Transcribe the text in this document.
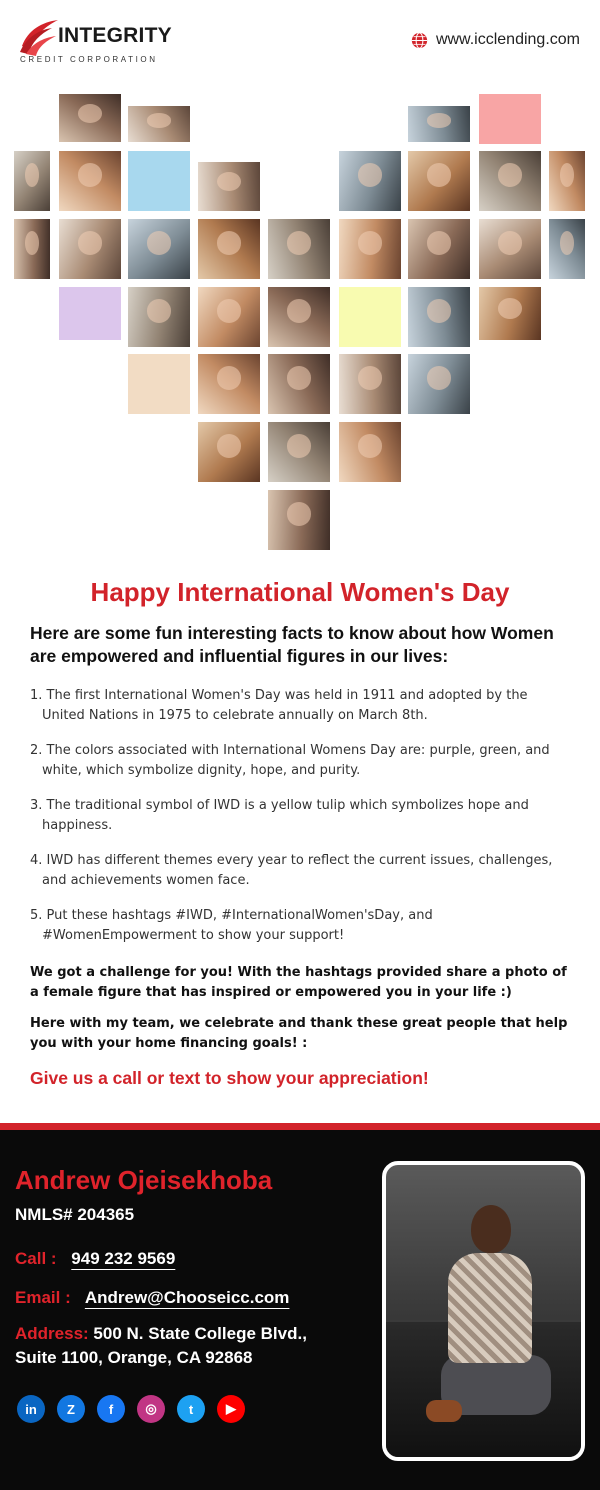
INTEGRITY
CREDIT CORPORATION
www.icclending.com
Happy International Women's Day
Here are some fun interesting facts to know about how Women are empowered and influential figures in our lives:
1. The first International Women's Day was held in 1911 and adopted by the United Nations in 1975 to celebrate annually on March 8th.
2. The colors associated with International Womens Day are: purple, green, and white, which symbolize dignity, hope, and purity.
3. The traditional symbol of IWD is a yellow tulip which symbolizes hope and happiness.
4. IWD has different themes every year to reflect the current issues, challenges, and achievements women face.
5. Put these hashtags #IWD, #InternationalWomen'sDay, and #WomenEmpowerment to show your support!
We got a challenge for you! With the hashtags provided share a photo of a female figure that has inspired or empowered you in your life :)
Here with my team, we celebrate and thank these great people that help you with your home financing goals! :
Give us a call or text to show your appreciation!
Andrew Ojeisekhoba
NMLS# 204365
Call : 949 232 9569
Email : Andrew@Chooseicc.com
Address: 500 N. State College Blvd., Suite 1100, Orange, CA 92868
in	Z	f	◎	t	▶
